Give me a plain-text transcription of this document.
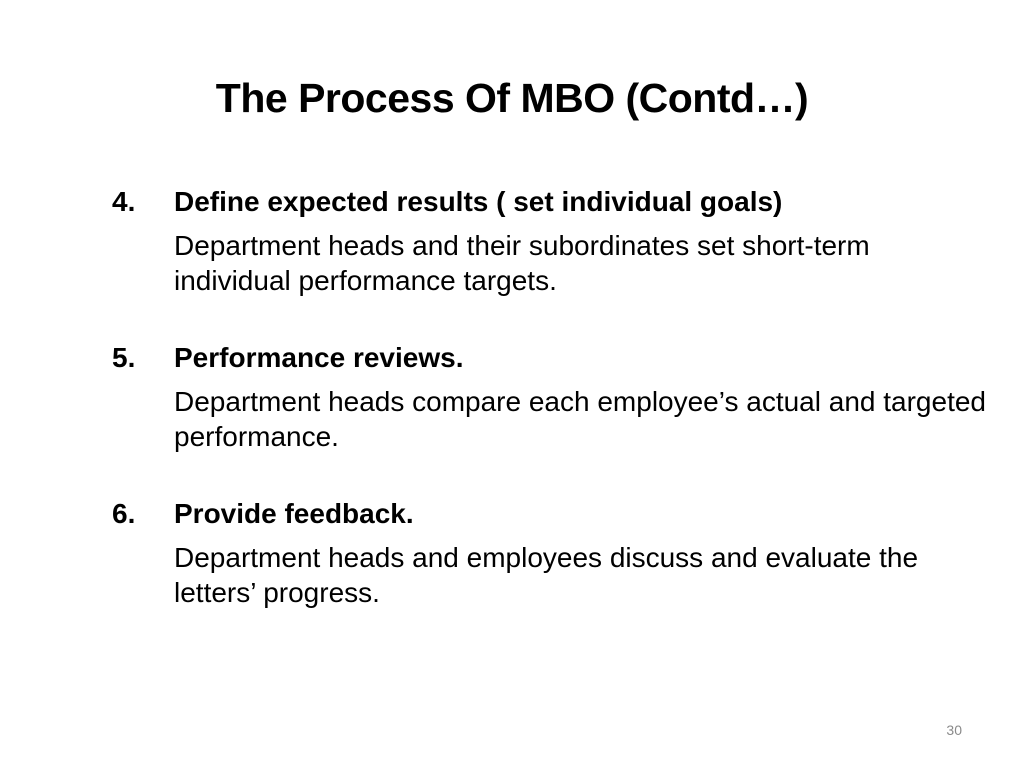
The Process Of MBO (Contd…)
4. Define expected results ( set individual goals)
Department heads and their subordinates set short-term individual performance targets.
5. Performance reviews.
Department heads compare each employee’s actual and targeted performance.
6. Provide feedback.
Department heads and employees discuss and evaluate the letters’ progress.
30
